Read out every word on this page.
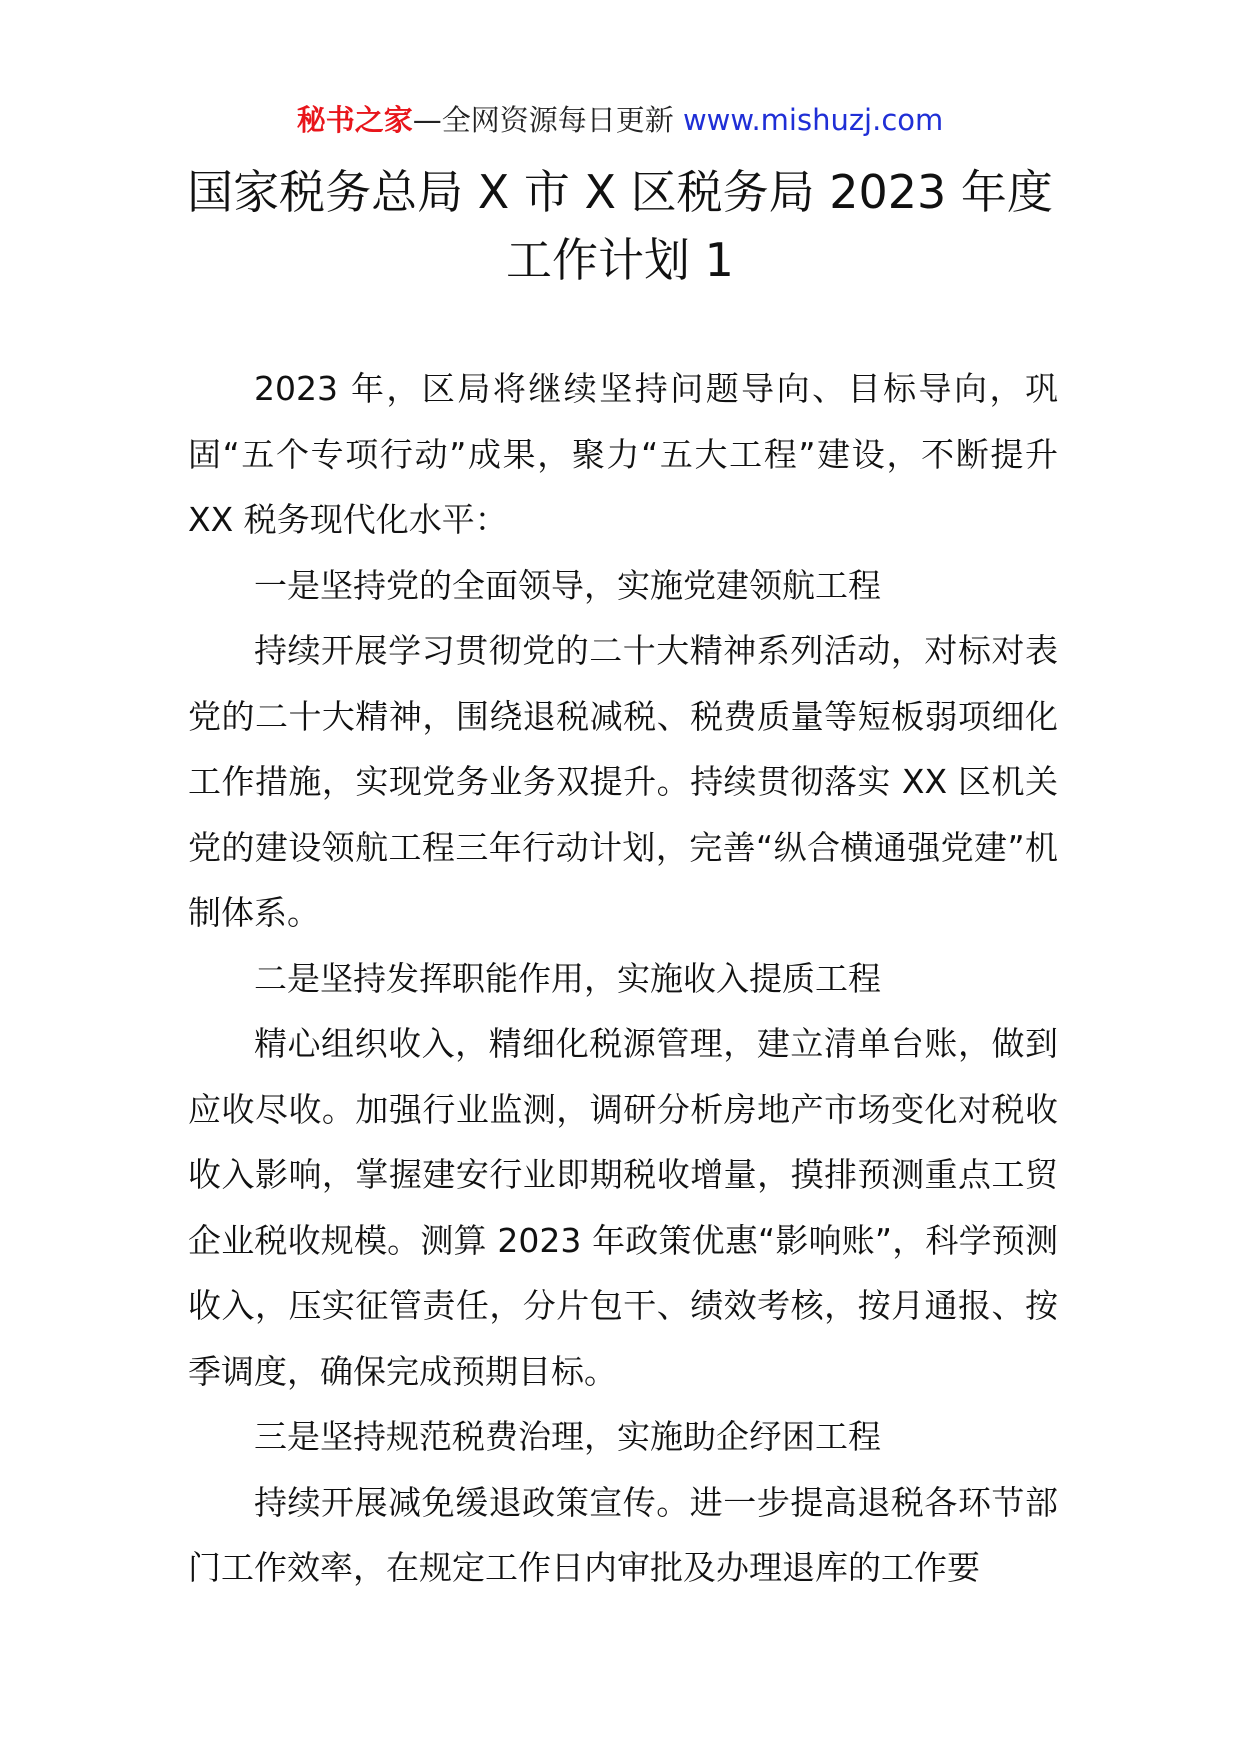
秘书之家—全网资源每日更新 www.mishuzj.com
国家税务总局 X 市 X 区税务局 2023 年度
工作计划 1

2023 年，区局将继续坚持问题导向、目标导向，巩固“五个专项行动”成果，聚力“五大工程”建设，不断提升 XX 税务现代化水平：

一是坚持党的全面领导，实施党建领航工程

持续开展学习贯彻党的二十大精神系列活动，对标对表党的二十大精神，围绕退税减税、税费质量等短板弱项细化工作措施，实现党务业务双提升。持续贯彻落实 XX 区机关党的建设领航工程三年行动计划，完善“纵合横通强党建”机制体系。

二是坚持发挥职能作用，实施收入提质工程

精心组织收入，精细化税源管理，建立清单台账，做到应收尽收。加强行业监测，调研分析房地产市场变化对税收收入影响，掌握建安行业即期税收增量，摸排预测重点工贸企业税收规模。测算 2023 年政策优惠“影响账”，科学预测收入，压实征管责任，分片包干、绩效考核，按月通报、按季调度，确保完成预期目标。

三是坚持规范税费治理，实施助企纾困工程

持续开展减免缓退政策宣传。进一步提高退税各环节部门工作效率，在规定工作日内审批及办理退库的工作要
